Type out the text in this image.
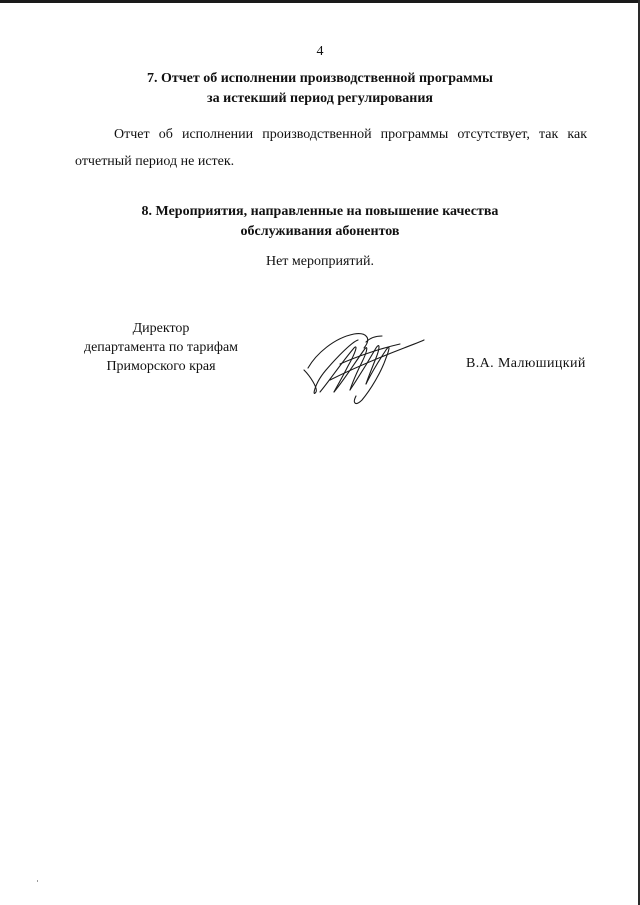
4
7. Отчет об исполнении производственной программы
за истекший период регулирования

Отчет об исполнении производственной программы отсутствует, так как отчетный период не истек.

8. Мероприятия, направленные на повышение качества
обслуживания абонентов

Нет мероприятий.

Директор
департамента по тарифам
Приморского края	В.А. Малюшицкий
